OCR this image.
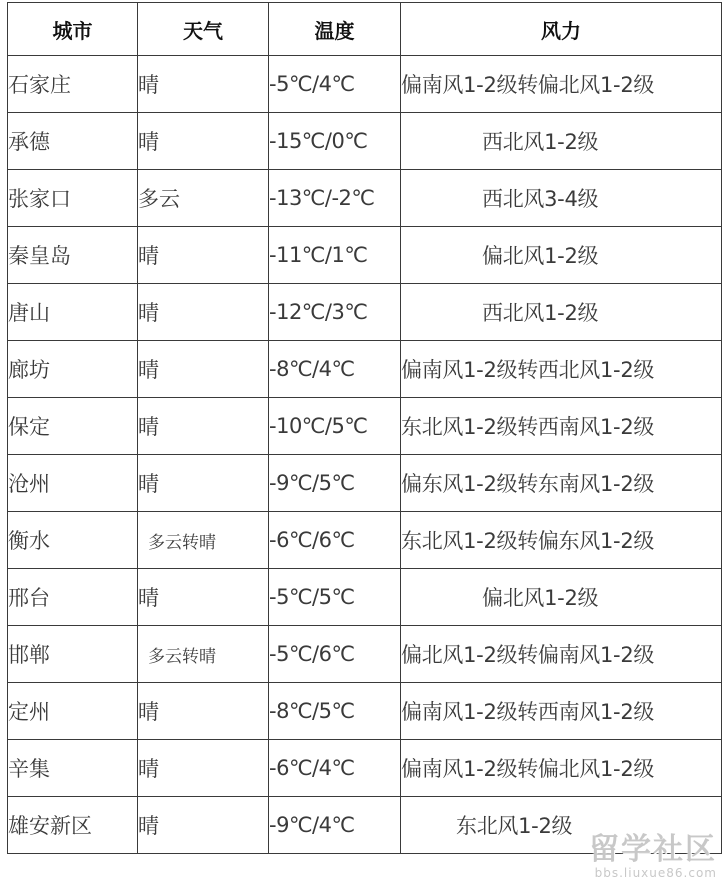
城市	天气	温度	风力
石家庄	晴	-5℃/4℃	偏南风1-2级转偏北风1-2级
承德	晴	-15℃/0℃	西北风1-2级
张家口	多云	-13℃/-2℃	西北风3-4级
秦皇岛	晴	-11℃/1℃	偏北风1-2级
唐山	晴	-12℃/3℃	西北风1-2级
廊坊	晴	-8℃/4℃	偏南风1-2级转西北风1-2级
保定	晴	-10℃/5℃	东北风1-2级转西南风1-2级
沧州	晴	-9℃/5℃	偏东风1-2级转东南风1-2级
衡水	多云转晴	-6℃/6℃	东北风1-2级转偏东风1-2级
邢台	晴	-5℃/5℃	偏北风1-2级
邯郸	多云转晴	-5℃/6℃	偏北风1-2级转偏南风1-2级
定州	晴	-8℃/5℃	偏南风1-2级转西南风1-2级
辛集	晴	-6℃/4℃	偏南风1-2级转偏北风1-2级
雄安新区	晴	-9℃/4℃	东北风1-2级
留学社区
bbs.liuxue86.com
